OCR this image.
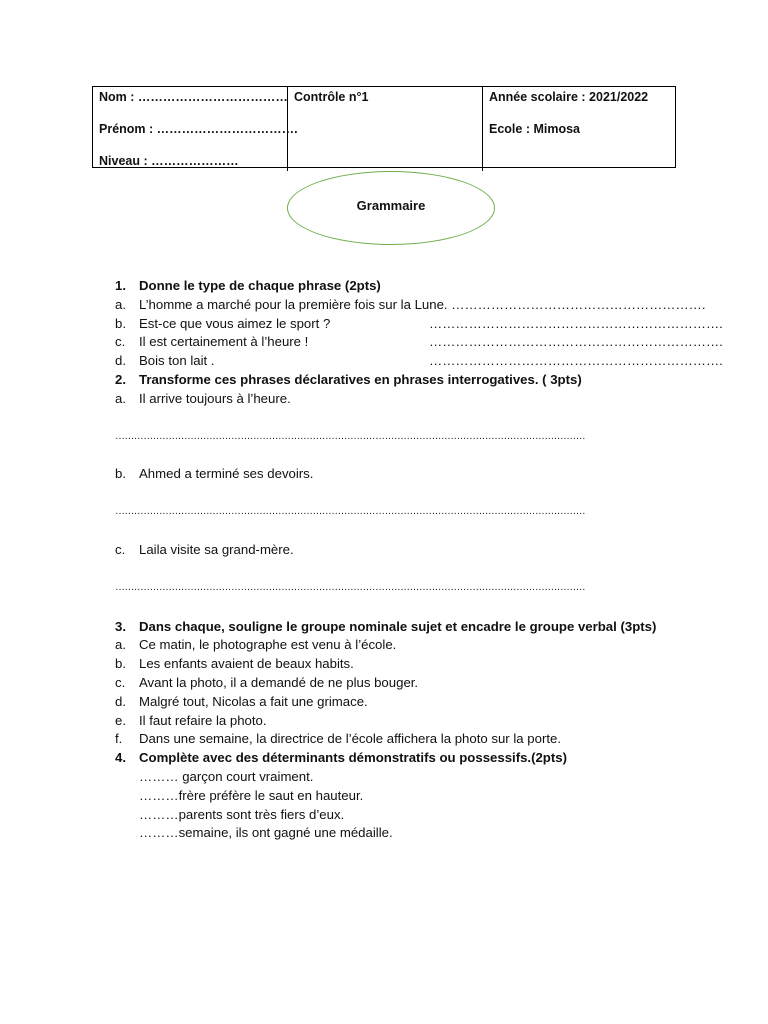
Nom : ………………………………
Prénom : …………………………….
Niveau : …………………
Contrôle n°1	Année scolaire : 2021/2022
Ecole : Mimosa
Grammaire
1. Donne le type de chaque phrase (2pts)
a. L’homme a marché pour la première fois sur la Lune. ………………………………………………….
b. Est-ce que vous aimez le sport ?	………………………………………………………….
c.	Il est certainement à l’heure !	………………………………………………………….
d. Bois ton lait .	………………………………………………………….
2. Transforme ces phrases déclaratives en phrases interrogatives. ( 3pts)
a. Il arrive toujours à l’heure.
……………………………………………………………………………………………………………………………………
b. Ahmed a terminé ses devoirs.
……………………………………………………………………………………………………………………………………
c.	Laila visite sa grand-mère.
……………………………………………………………………………………………………………………………………
3. Dans chaque, souligne le groupe nominale sujet et encadre le groupe verbal (3pts)
a. Ce matin, le photographe est venu à l’école.
b. Les enfants avaient de beaux habits.
c.	Avant la photo, il a demandé de ne plus bouger.
d. Malgré tout, Nicolas a fait une grimace.
e. Il faut refaire la photo.
f.	Dans une semaine, la directrice de l’école affichera la photo sur la porte.
4. Complète avec des déterminants démonstratifs ou possessifs.(2pts)
……… garçon court vraiment.
………frère préfère le saut en hauteur.
………parents sont très fiers d’eux.
………semaine, ils ont gagné une médaille.
